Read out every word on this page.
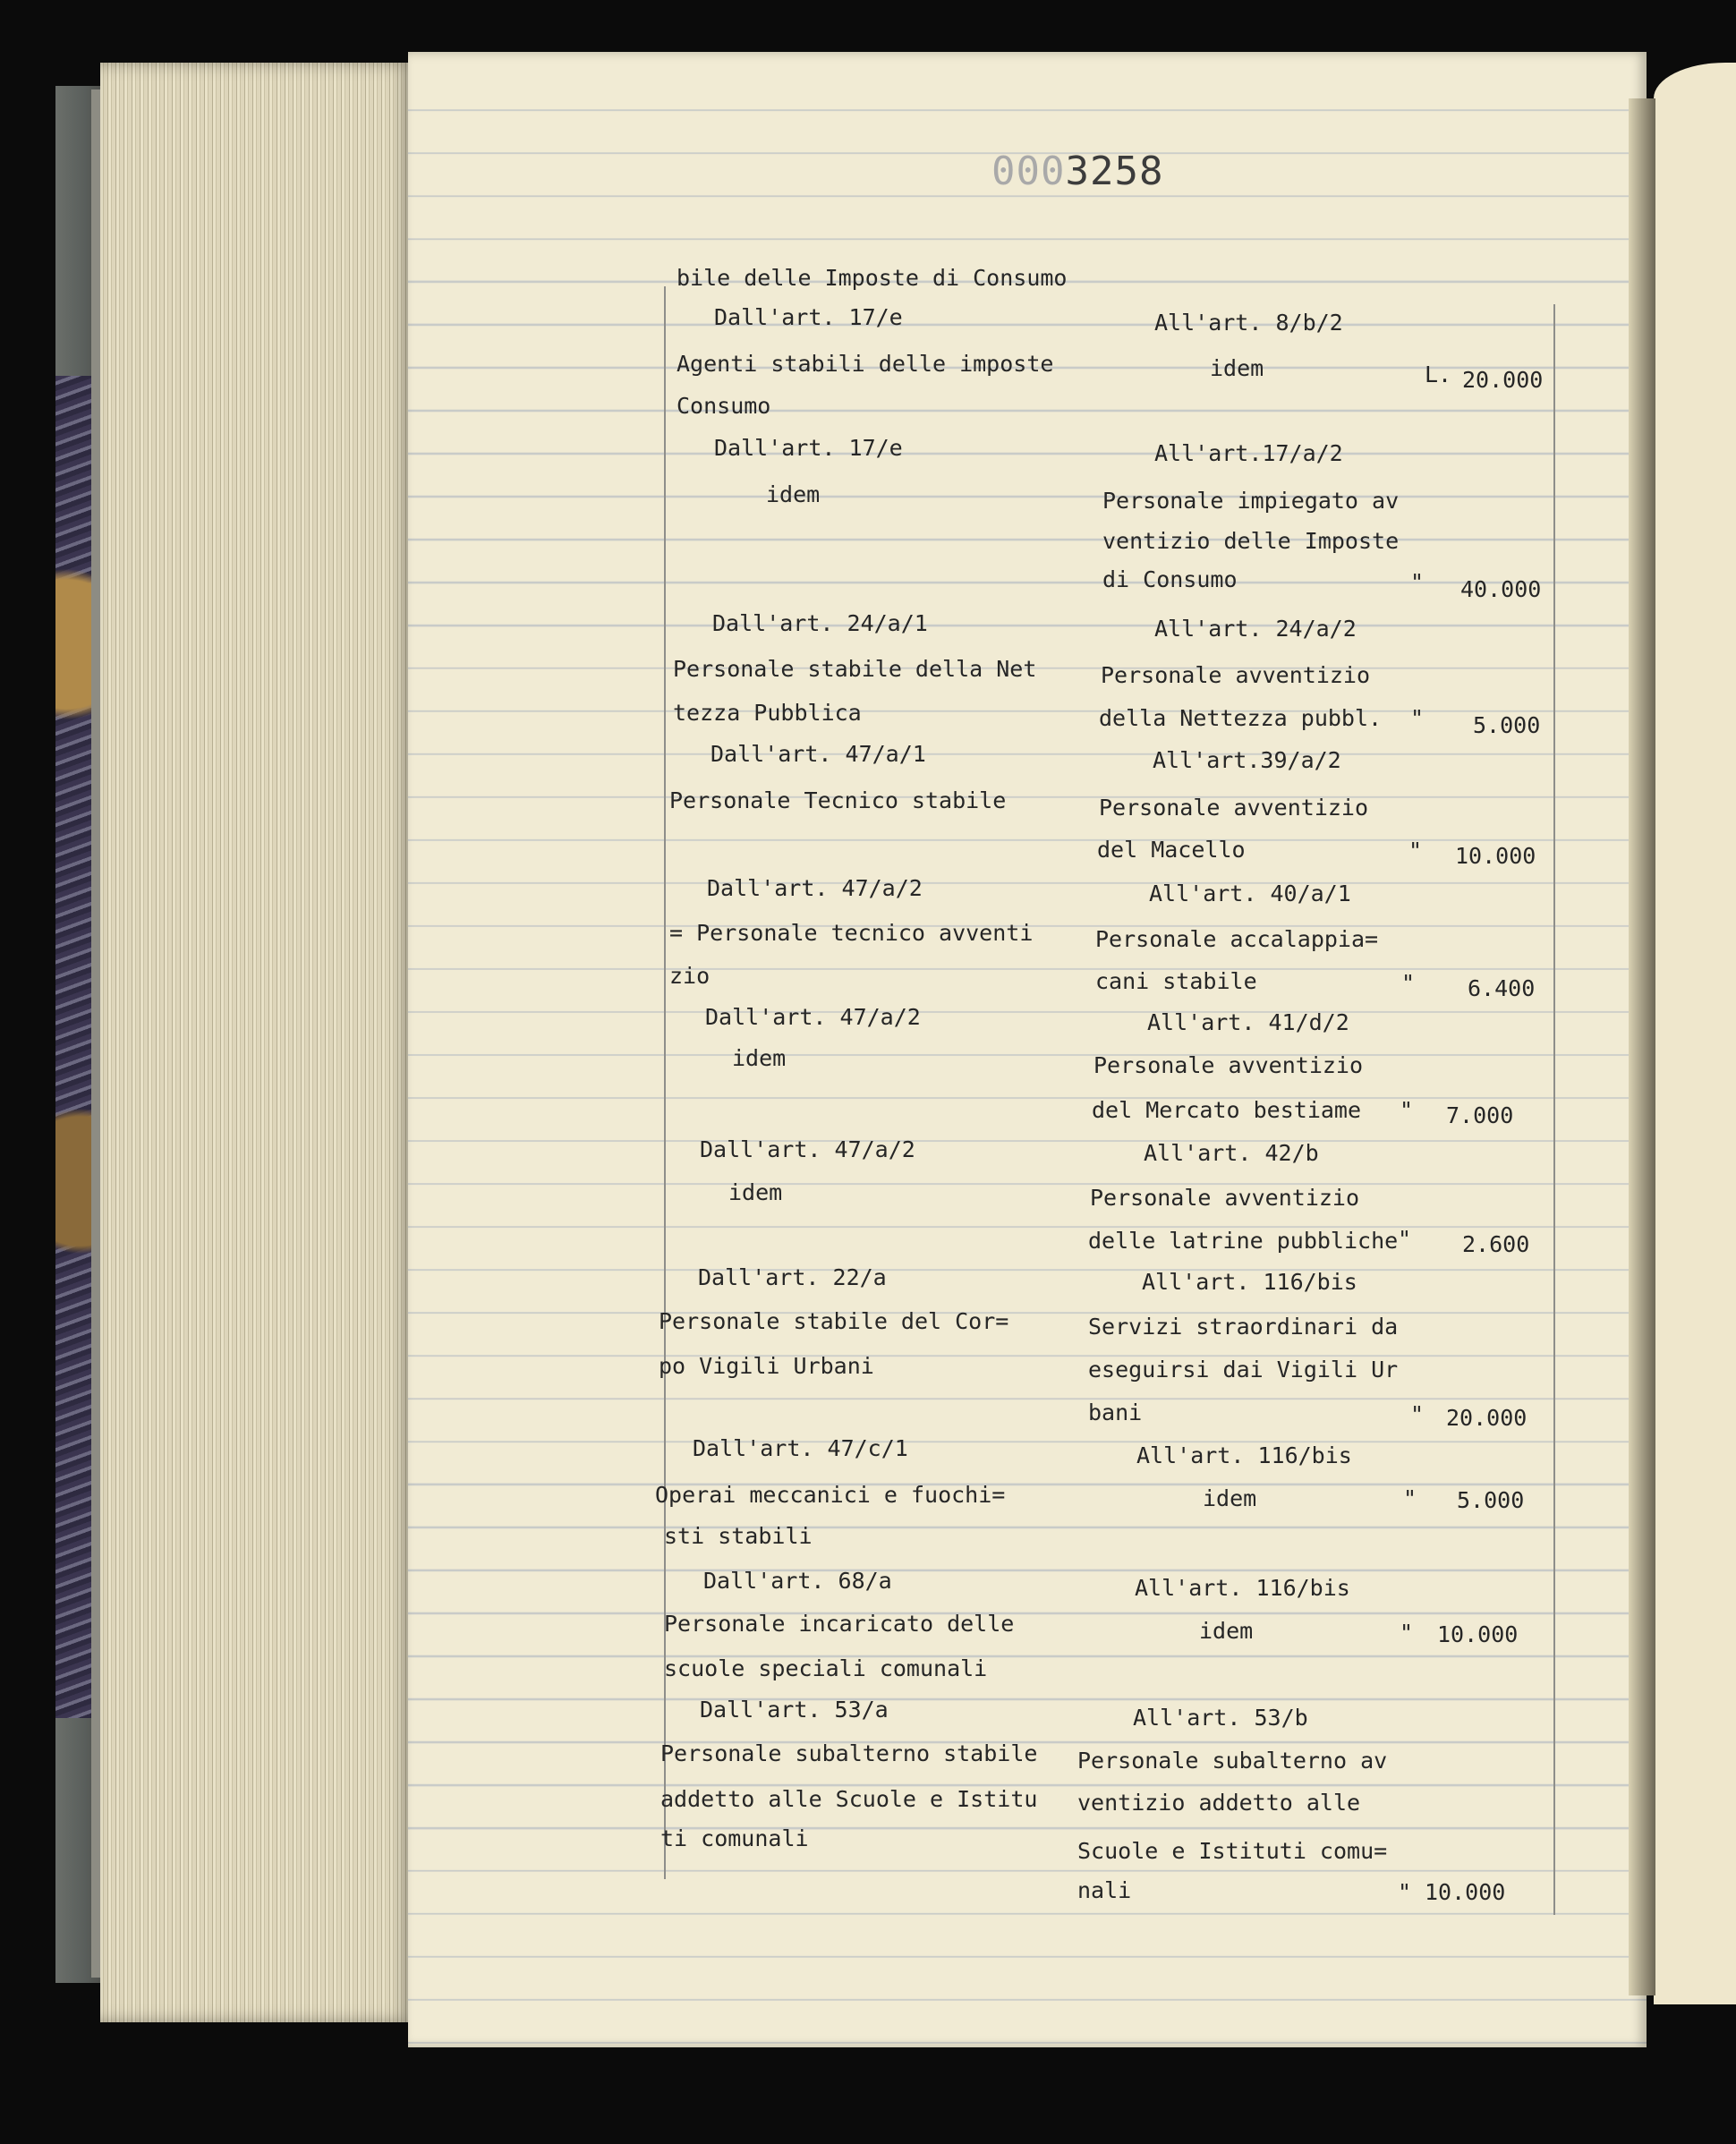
0003258
bile delle Imposte di Consumo
Dall'art. 17/e
Agenti stabili delle imposte
Consumo
All'art. 8/b/2
idem	L. 20.000
Dall'art. 17/e
idem
All'art.17/a/2
Personale impiegato av
ventizio delle Imposte
di Consumo	" 40.000
Dall'art. 24/a/1
Personale stabile della Net
tezza Pubblica
All'art. 24/a/2
Personale avventizio
della Nettezza pubbl. " 5.000
Dall'art. 47/a/1
Personale Tecnico stabile
All'art.39/a/2
Personale avventizio
del Macello	" 10.000
Dall'art. 47/a/2
= Personale tecnico avventi
zio
All'art. 40/a/1
Personale accalappia=
cani stabile	" 6.400
Dall'art. 47/a/2
idem
All'art. 41/d/2
Personale avventizio
del Mercato bestiame " 7.000
Dall'art. 47/a/2
idem
All'art. 42/b
Personale avventizio
delle latrine pubbliche " 2.600
Dall'art. 22/a
Personale stabile del Cor=
po Vigili Urbani
All'art. 116/bis
Servizi straordinari da
eseguirsi dai Vigili Ur
bani	" 20.000
Dall'art. 47/c/1
Operai meccanici e fuochi=
sti stabili
All'art. 116/bis
idem	" 5.000
Dall'art. 68/a
Personale incaricato delle
scuole speciali comunali
All'art. 116/bis
idem	" 10.000
Dall'art. 53/a
Personale subalterno stabile
addetto alle Scuole e Istitu
ti comunali
All'art. 53/b
Personale subalterno av
ventizio addetto alle
Scuole e Istituti comu=
nali	" 10.000
